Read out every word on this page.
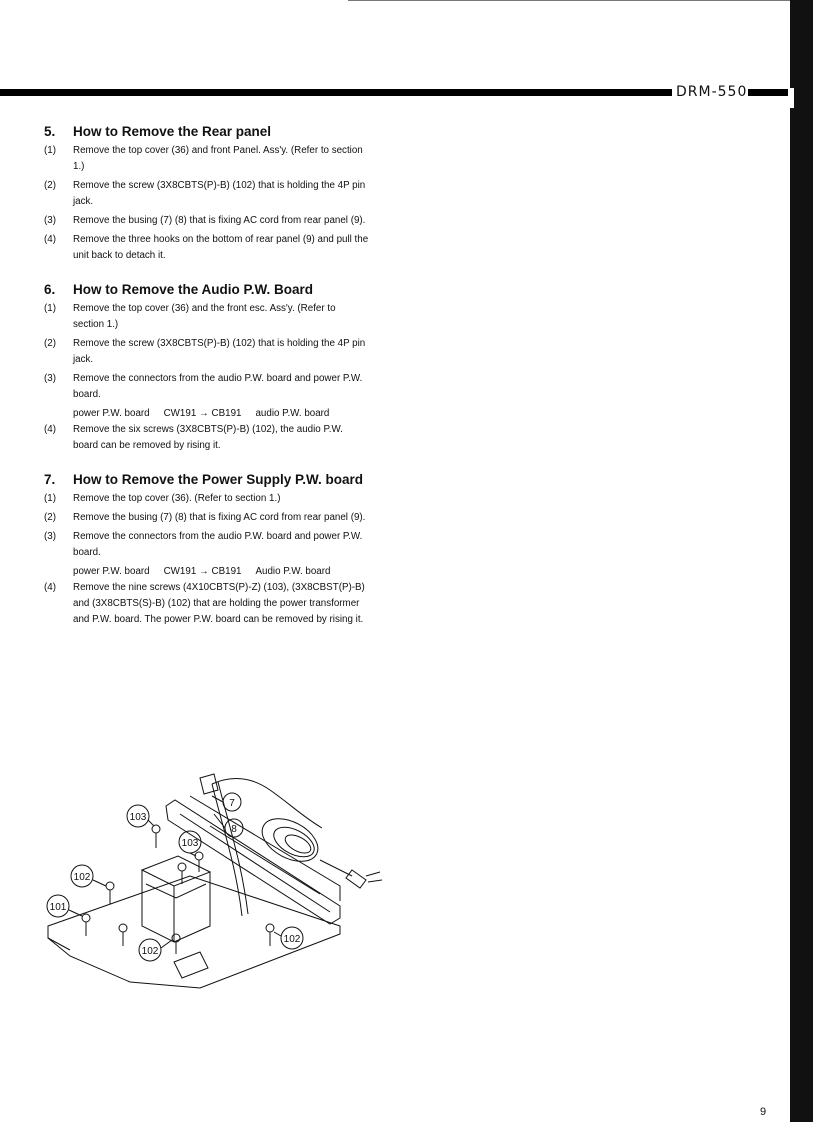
DRM-550
5.	How to Remove the Rear panel
(1)	Remove the top cover (36) and front Panel. Ass'y. (Refer to section 1.)
(2)	Remove the screw (3X8CBTS(P)-B) (102) that is holding the 4P pin jack.
(3)	Remove the busing (7) (8) that is fixing AC cord from rear panel (9).
(4)	Remove the three hooks on the bottom of rear panel (9) and pull the unit back to detach it.
6.	How to Remove the Audio P.W. Board
(1)	Remove the top cover (36) and the front esc. Ass'y. (Refer to section 1.)
(2)	Remove the screw (3X8CBTS(P)-B) (102) that is holding the 4P pin jack.
(3)	Remove the connectors from the audio P.W. board and power P.W. board.
power P.W. board CW191 → CB191 audio P.W. board
(4)	Remove the six screws (3X8CBTS(P)-B) (102), the audio P.W. board can be removed by rising it.
7.	How to Remove the Power Supply P.W. board
(1)	Remove the top cover (36). (Refer to section 1.)
(2)	Remove the busing (7) (8) that is fixing AC cord from rear panel (9).
(3)	Remove the connectors from the audio P.W. board and power P.W. board.
power P.W. board CW191 → CB191 Audio P.W. board
(4)	Remove the nine screws (4X10CBTS(P)-Z) (103), (3X8CBST(P)-B) and (3X8CBTS(S)-B) (102) that are holding the power transformer and P.W. board. The power P.W. board can be removed by rising it.
7
8
103
103
102
101
102
102
9
